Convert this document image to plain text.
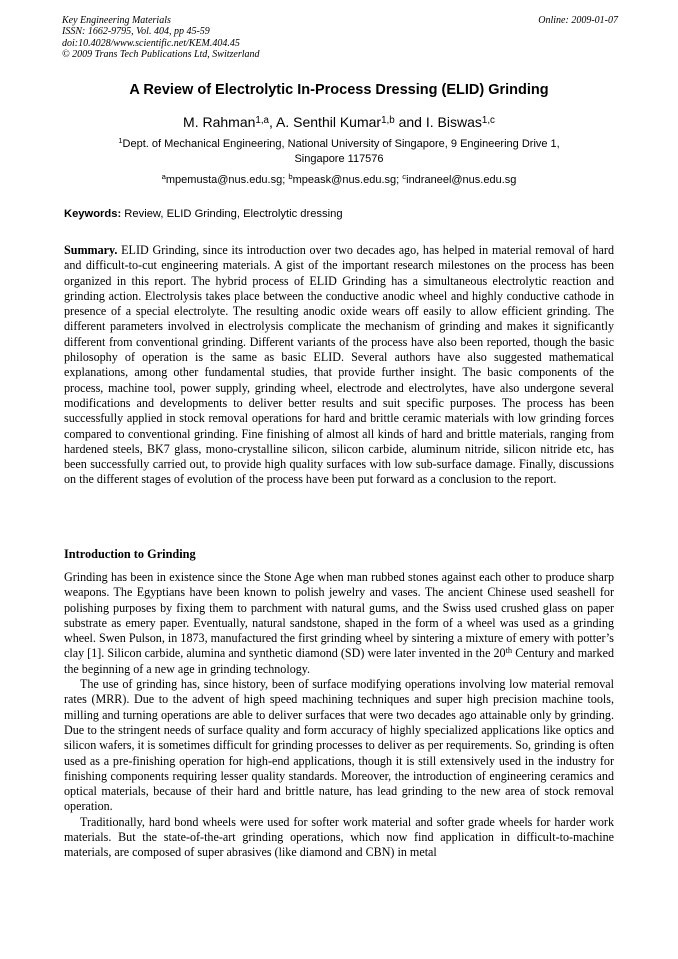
Key Engineering Materials
ISSN: 1662-9795, Vol. 404, pp 45-59
doi:10.4028/www.scientific.net/KEM.404.45
© 2009 Trans Tech Publications Ltd, Switzerland
Online: 2009-01-07
A Review of Electrolytic In-Process Dressing (ELID) Grinding
M. Rahman$^{1,a}$, A. Senthil Kumar$^{1,b}$ and I. Biswas$^{1,c}$
$^1$Dept. of Mechanical Engineering, National University of Singapore, 9 Engineering Drive 1,
Singapore 117576
$^a$mpemusta@nus.edu.sg; $^b$mpeask@nus.edu.sg; $^c$indraneel@nus.edu.sg
Keywords: Review, ELID Grinding, Electrolytic dressing

Summary. ELID Grinding, since its introduction over two decades ago, has helped in material removal of hard and difficult-to-cut engineering materials. A gist of the important research milestones on the process has been organized in this report. The hybrid process of ELID Grinding has a simultaneous electrolytic reaction and grinding action. Electrolysis takes place between the conductive anodic wheel and highly conductive cathode in presence of a special electrolyte. The resulting anodic oxide wears off easily to allow efficient grinding. The different parameters involved in electrolysis complicate the mechanism of grinding and makes it significantly different from conventional grinding. Different variants of the process have also been reported, though the basic philosophy of operation is the same as basic ELID. Several authors have also suggested mathematical explanations, among other fundamental studies, that provide further insight. The basic components of the process, machine tool, power supply, grinding wheel, electrode and electrolytes, have also undergone several modifications and developments to deliver better results and suit specific purposes. The process has been successfully applied in stock removal operations for hard and brittle ceramic materials with low grinding forces compared to conventional grinding. Fine finishing of almost all kinds of hard and brittle materials, ranging from hardened steels, BK7 glass, mono-crystalline silicon, silicon carbide, aluminum nitride, silicon nitride etc, has been successfully carried out, to provide high quality surfaces with low sub-surface damage. Finally, discussions on the different stages of evolution of the process have been put forward as a conclusion to the report.

Introduction to Grinding

Grinding has been in existence since the Stone Age when man rubbed stones against each other to produce sharp weapons. The Egyptians have been known to polish jewelry and vases. The ancient Chinese used seashell for polishing purposes by fixing them to parchment with natural gums, and the Swiss used crushed glass on paper substrate as emery paper. Eventually, natural sandstone, shaped in the form of a wheel was used as a grinding wheel. Swen Pulson, in 1873, manufactured the first grinding wheel by sintering a mixture of emery with potter’s clay [1]. Silicon carbide, alumina and synthetic diamond (SD) were later invented in the 20th Century and marked the beginning of a new age in grinding technology.

The use of grinding has, since history, been of surface modifying operations involving low material removal rates (MRR). Due to the advent of high speed machining techniques and super high precision machine tools, milling and turning operations are able to deliver surfaces that were two decades ago attainable only by grinding. Due to the stringent needs of surface quality and form accuracy of highly specialized applications like optics and silicon wafers, it is sometimes difficult for grinding processes to deliver as per requirements. So, grinding is often used as a pre-finishing operation for high-end applications, though it is still extensively used in the industry for finishing components requiring lesser quality standards. Moreover, the introduction of engineering ceramics and optical materials, because of their hard and brittle nature, has lead grinding to the new area of stock removal operation.

Traditionally, hard bond wheels were used for softer work material and softer grade wheels for harder work materials. But the state-of-the-art grinding operations, which now find application in difficult-to-machine materials, are composed of super abrasives (like diamond and CBN) in metal
